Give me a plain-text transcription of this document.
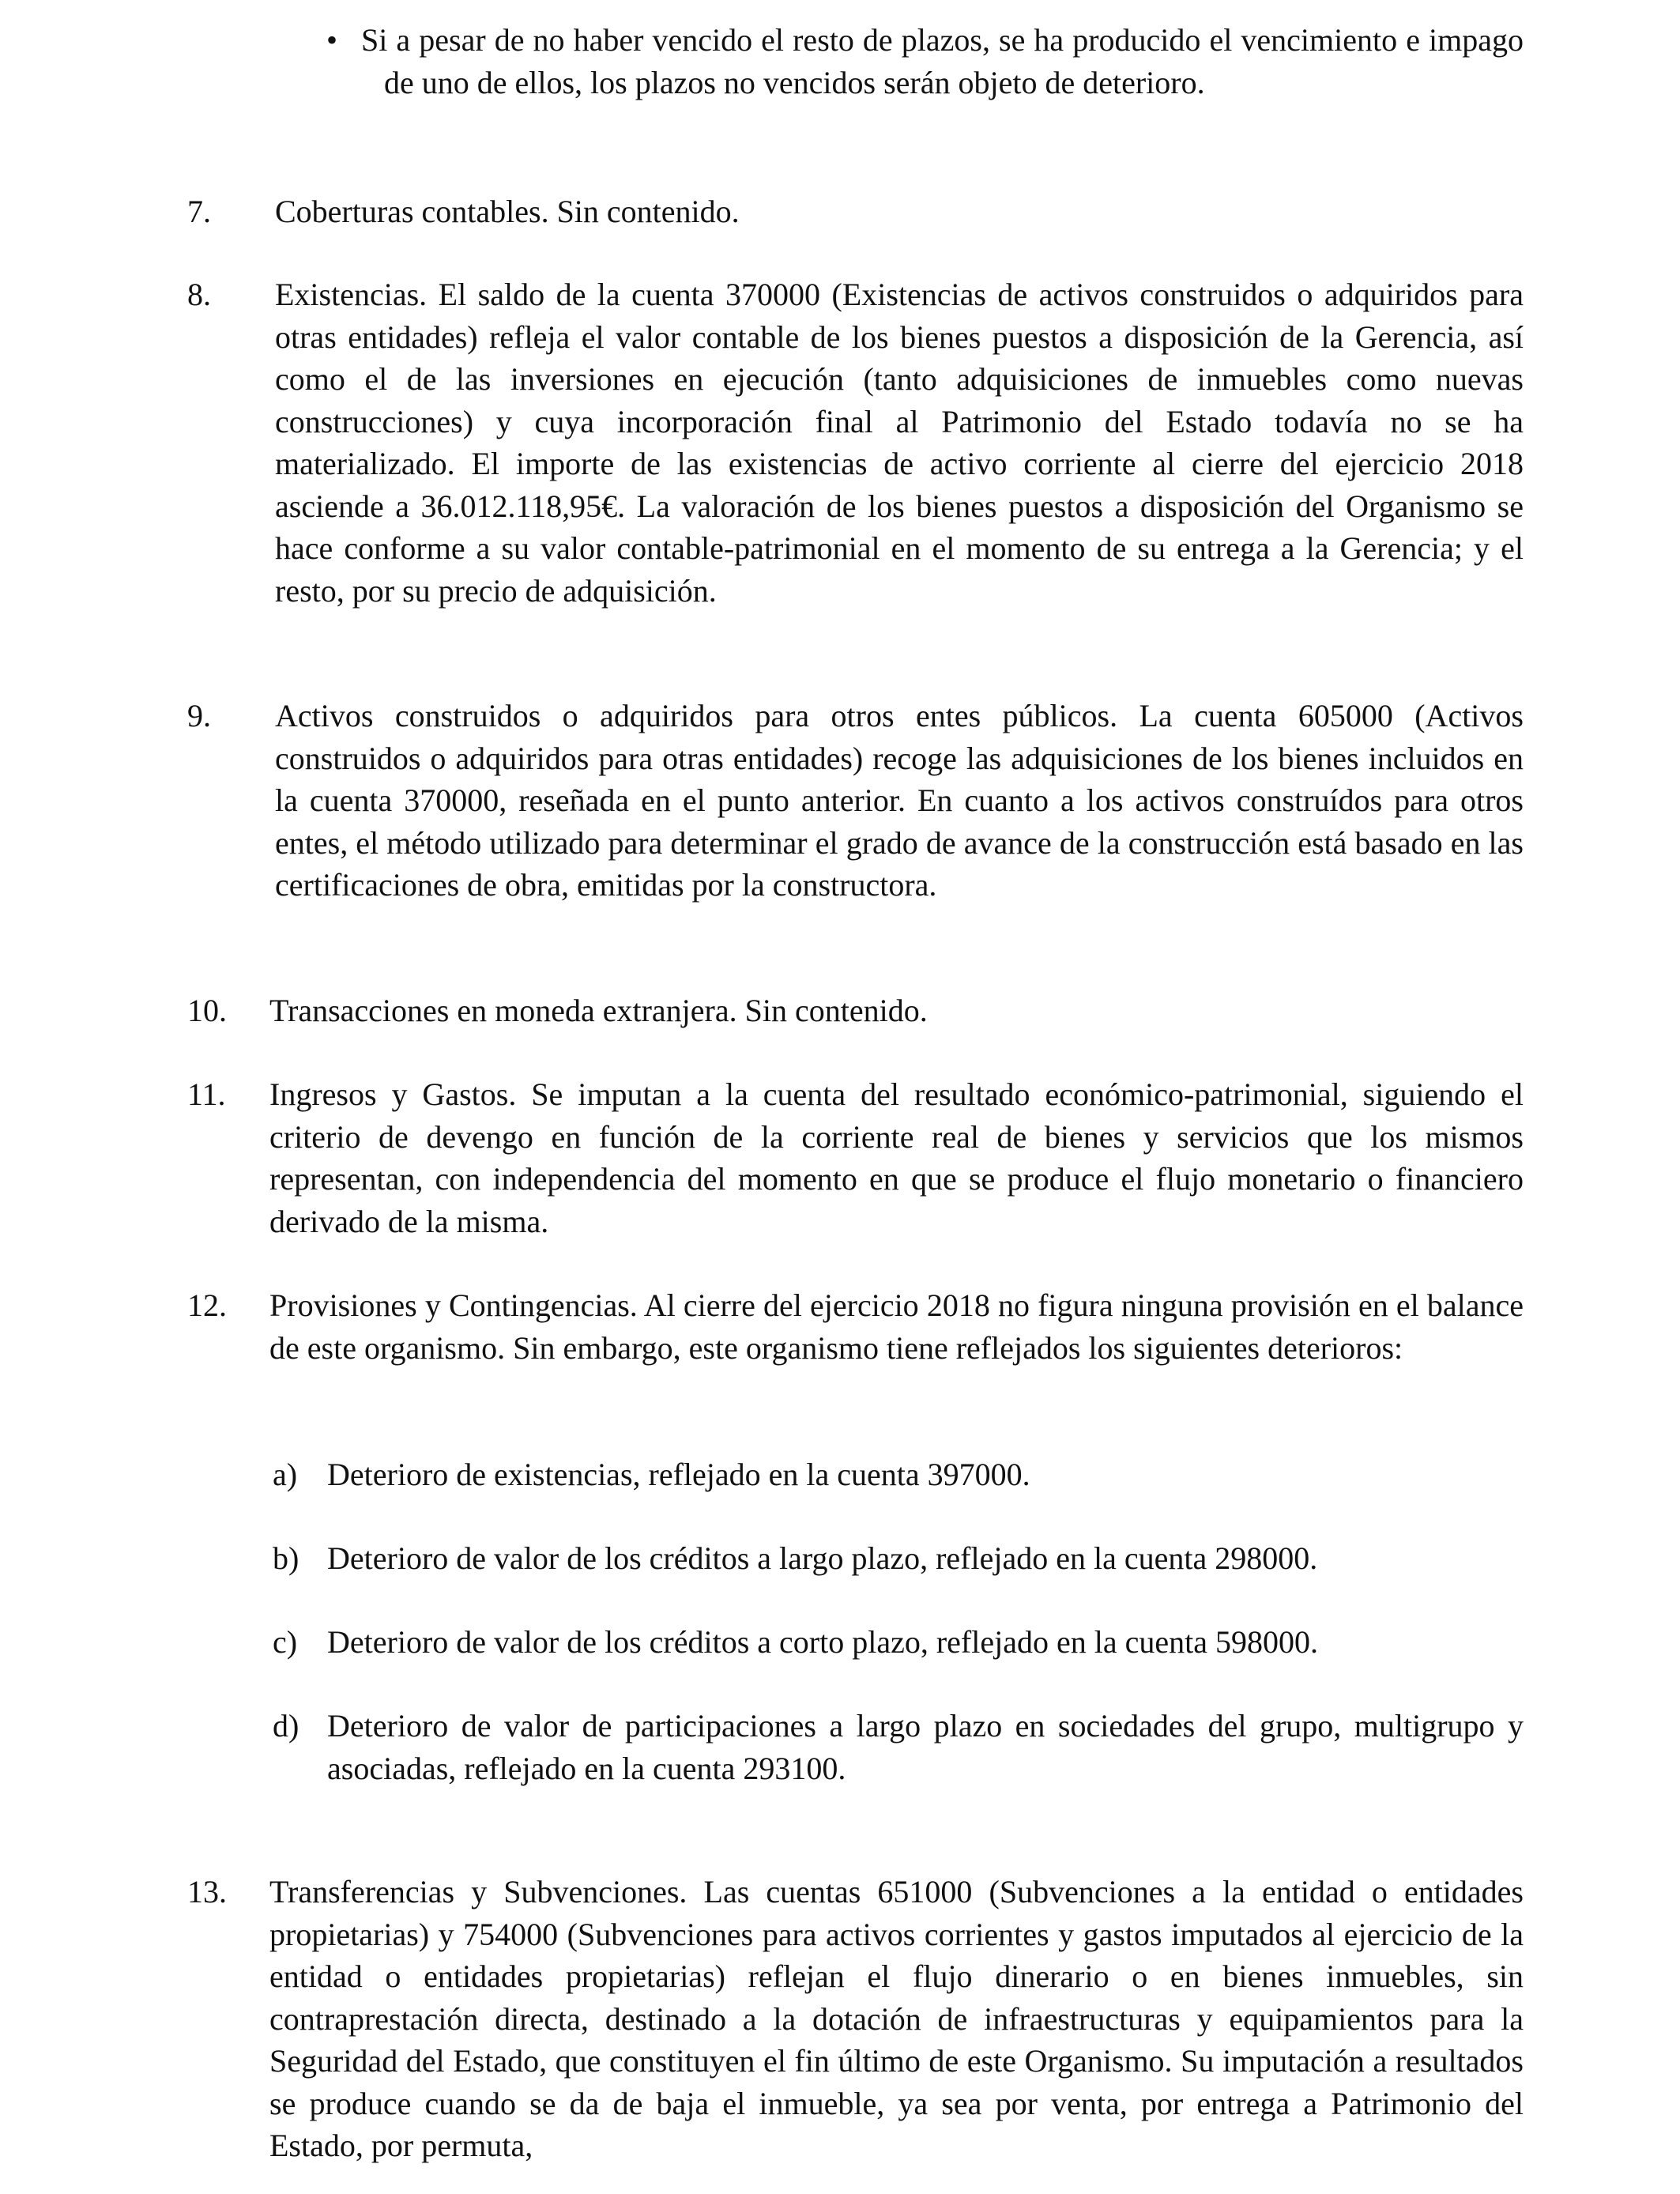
• Si a pesar de no haber vencido el resto de plazos, se ha producido el vencimiento e impago de uno de ellos, los plazos no vencidos serán objeto de deterioro.

7. Coberturas contables. Sin contenido.

8. Existencias. El saldo de la cuenta 370000 (Existencias de activos construidos o adquiridos para otras entidades) refleja el valor contable de los bienes puestos a disposición de la Gerencia, así como el de las inversiones en ejecución (tanto adquisiciones de inmuebles como nuevas construcciones) y cuya incorporación final al Patrimonio del Estado todavía no se ha materializado. El importe de las existencias de activo corriente al cierre del ejercicio 2018 asciende a 36.012.118,95€. La valoración de los bienes puestos a disposición del Organismo se hace conforme a su valor contable-patrimonial en el momento de su entrega a la Gerencia; y el resto, por su precio de adquisición.

9. Activos construidos o adquiridos para otros entes públicos. La cuenta 605000 (Activos construidos o adquiridos para otras entidades) recoge las adquisiciones de los bienes incluidos en la cuenta 370000, reseñada en el punto anterior. En cuanto a los activos construídos para otros entes, el método utilizado para determinar el grado de avance de la construcción está basado en las certificaciones de obra, emitidas por la constructora.

10. Transacciones en moneda extranjera. Sin contenido.

11. Ingresos y Gastos. Se imputan a la cuenta del resultado económico-patrimonial, siguiendo el criterio de devengo en función de la corriente real de bienes y servicios que los mismos representan, con independencia del momento en que se produce el flujo monetario o financiero derivado de la misma.

12. Provisiones y Contingencias. Al cierre del ejercicio 2018 no figura ninguna provisión en el balance de este organismo. Sin embargo, este organismo tiene reflejados los siguientes deterioros:

a) Deterioro de existencias, reflejado en la cuenta 397000.

b) Deterioro de valor de los créditos a largo plazo, reflejado en la cuenta 298000.

c) Deterioro de valor de los créditos a corto plazo, reflejado en la cuenta 598000.

d) Deterioro de valor de participaciones a largo plazo en sociedades del grupo, multigrupo y asociadas, reflejado en la cuenta 293100.

13. Transferencias y Subvenciones. Las cuentas 651000 (Subvenciones a la entidad o entidades propietarias) y 754000 (Subvenciones para activos corrientes y gastos imputados al ejercicio de la entidad o entidades propietarias) reflejan el flujo dinerario o en bienes inmuebles, sin contraprestación directa, destinado a la dotación de infraestructuras y equipamientos para la Seguridad del Estado, que constituyen el fin último de este Organismo. Su imputación a resultados se produce cuando se da de baja el inmueble, ya sea por venta, por entrega a Patrimonio del Estado, por permuta,
